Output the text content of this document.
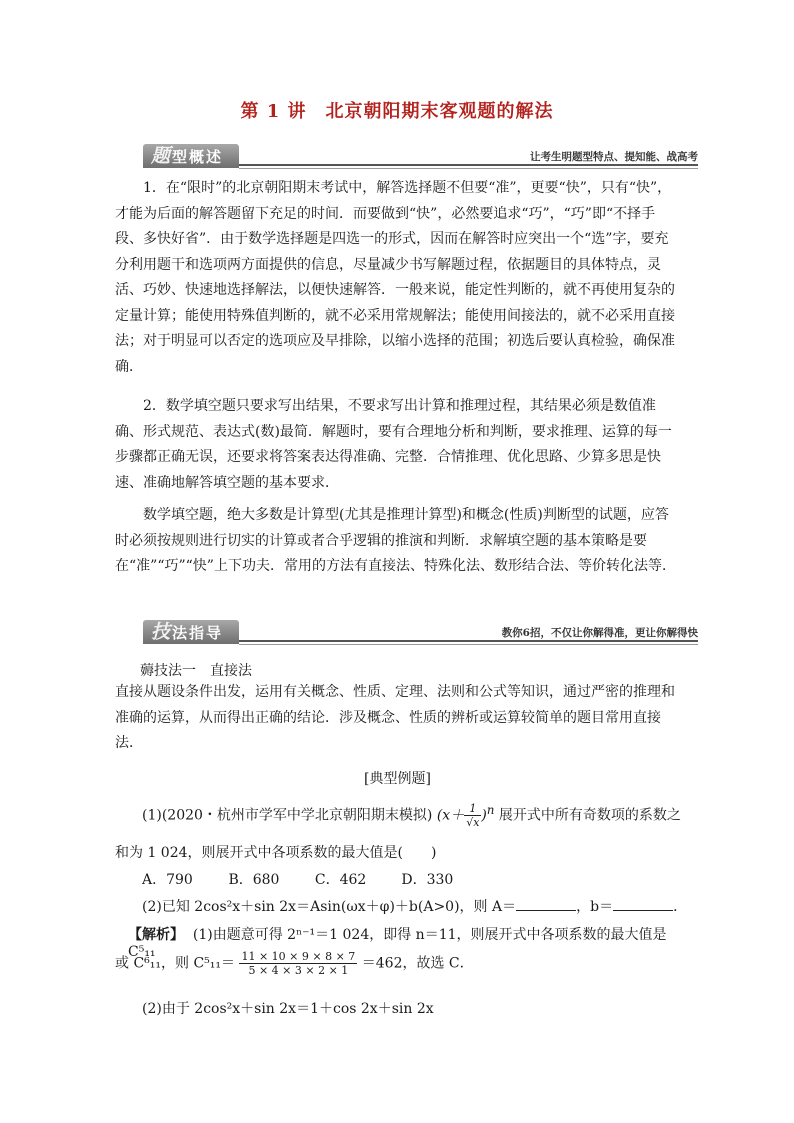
第 1 讲　北京朝阳期末客观题的解法
题型概述	让考生明题型特点、提知能、战高考
1．在“限时”的北京朝阳期末考试中，解答选择题不但要“准”，更要“快”，只有“快”，才能为后面的解答题留下充足的时间．而要做到“快”，必然要追求“巧”，“巧”即“不择手段、多快好省”．由于数学选择题是四选一的形式，因而在解答时应突出一个“选”字，要充分利用题干和选项两方面提供的信息，尽量减少书写解题过程，依据题目的具体特点，灵活、巧妙、快速地选择解法，以便快速解答．一般来说，能定性判断的，就不再使用复杂的定量计算；能使用特殊值判断的，就不必采用常规解法；能使用间接法的，就不必采用直接法；对于明显可以否定的选项应及早排除，以缩小选择的范围；初选后要认真检验，确保准确．
2．数学填空题只要求写出结果，不要求写出计算和推理过程，其结果必须是数值准确、形式规范、表达式(数)最简．解题时，要有合理地分析和判断，要求推理、运算的每一步骤都正确无误，还要求将答案表达得准确、完整．合情推理、优化思路、少算多思是快速、准确地解答填空题的基本要求．
数学填空题，绝大多数是计算型(尤其是推理计算型)和概念(性质)判断型的试题，应答时必须按规则进行切实的计算或者合乎逻辑的推演和判断．求解填空题的基本策略是要在“准”“巧”“快”上下功夫．常用的方法有直接法、特殊化法、数形结合法、等价转化法等．
技法指导	教你6招，不仅让你解得准，更让你解得快
薅技法一　直接法
直接从题设条件出发，运用有关概念、性质、定理、法则和公式等知识，通过严密的推理和准确的运算，从而得出正确的结论．涉及概念、性质的辨析或运算较简单的题目常用直接法．
[典型例题]
(1)(2020・杭州市学军中学北京朝阳期末模拟) $(x+ \frac{1}{√x} )^n$ 展开式中所有奇数项的系数之
和为 1 024，则展开式中各项系数的最大值是(　　)
A．790	B．680	C．462	D．330
(2)已知 2cos²x＋sin 2x＝Asin(ωx＋φ)＋b(A>0)，则 A＝	，b＝	．
【解析】 (1)由题意可得 2ⁿ⁻¹＝1 024，即得 n＝11，则展开式中各项系数的最大值是 C⁵₁₁
或 C⁶₁₁，则 $C^5_{11}= \frac{11 \times 10 \times 9 \times 8 \times 7}{5 \times 4 \times 3 \times 2 \times 1} =462$，故选 C．
(2)由于 2cos²x＋sin 2x＝1＋cos 2x＋sin 2x
